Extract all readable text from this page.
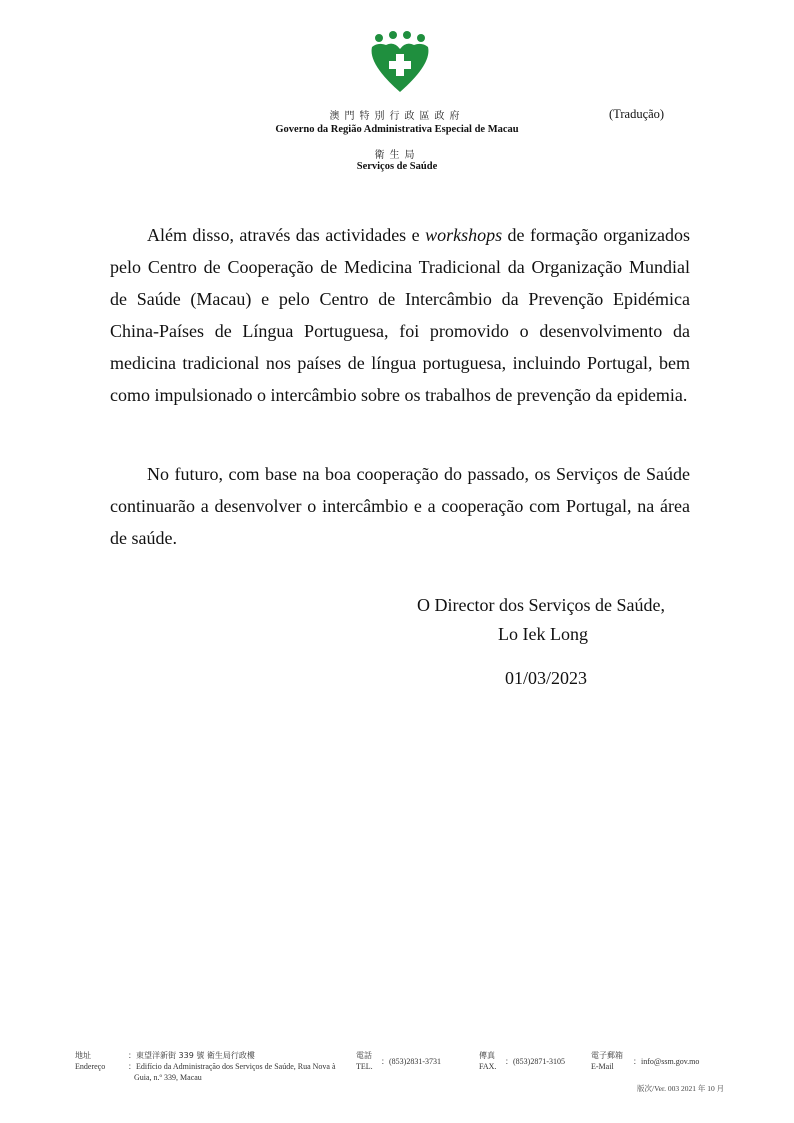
澳門特別行政區政府
Governo da Região Administrativa Especial de Macau
衛生局
Serviços de Saúde
(Tradução)

Além disso, através das actividades e workshops de formação organizados pelo Centro de Cooperação de Medicina Tradicional da Organização Mundial de Saúde (Macau) e pelo Centro de Intercâmbio da Prevenção Epidémica China-Países de Língua Portuguesa, foi promovido o desenvolvimento da medicina tradicional nos países de língua portuguesa, incluindo Portugal, bem como impulsionado o intercâmbio sobre os trabalhos de prevenção da epidemia.

No futuro, com base na boa cooperação do passado, os Serviços de Saúde continuarão a desenvolver o intercâmbio e a cooperação com Portugal, na área de saúde.

O Director dos Serviços de Saúde,
Lo Iek Long
01/03/2023
地址
Endereço
：東望洋新街 339 號 衛生局行政樓
：Edifício da Administração dos Serviços de Saúde, Rua Nova à
Guia, n.º 339, Macau
電話
TEL.
：(853)2831-3731
傳真
FAX.
：(853)2871-3105
電子郵箱
E-Mail
：info@ssm.gov.mo
版次/Ver. 003 2021 年 10 月
